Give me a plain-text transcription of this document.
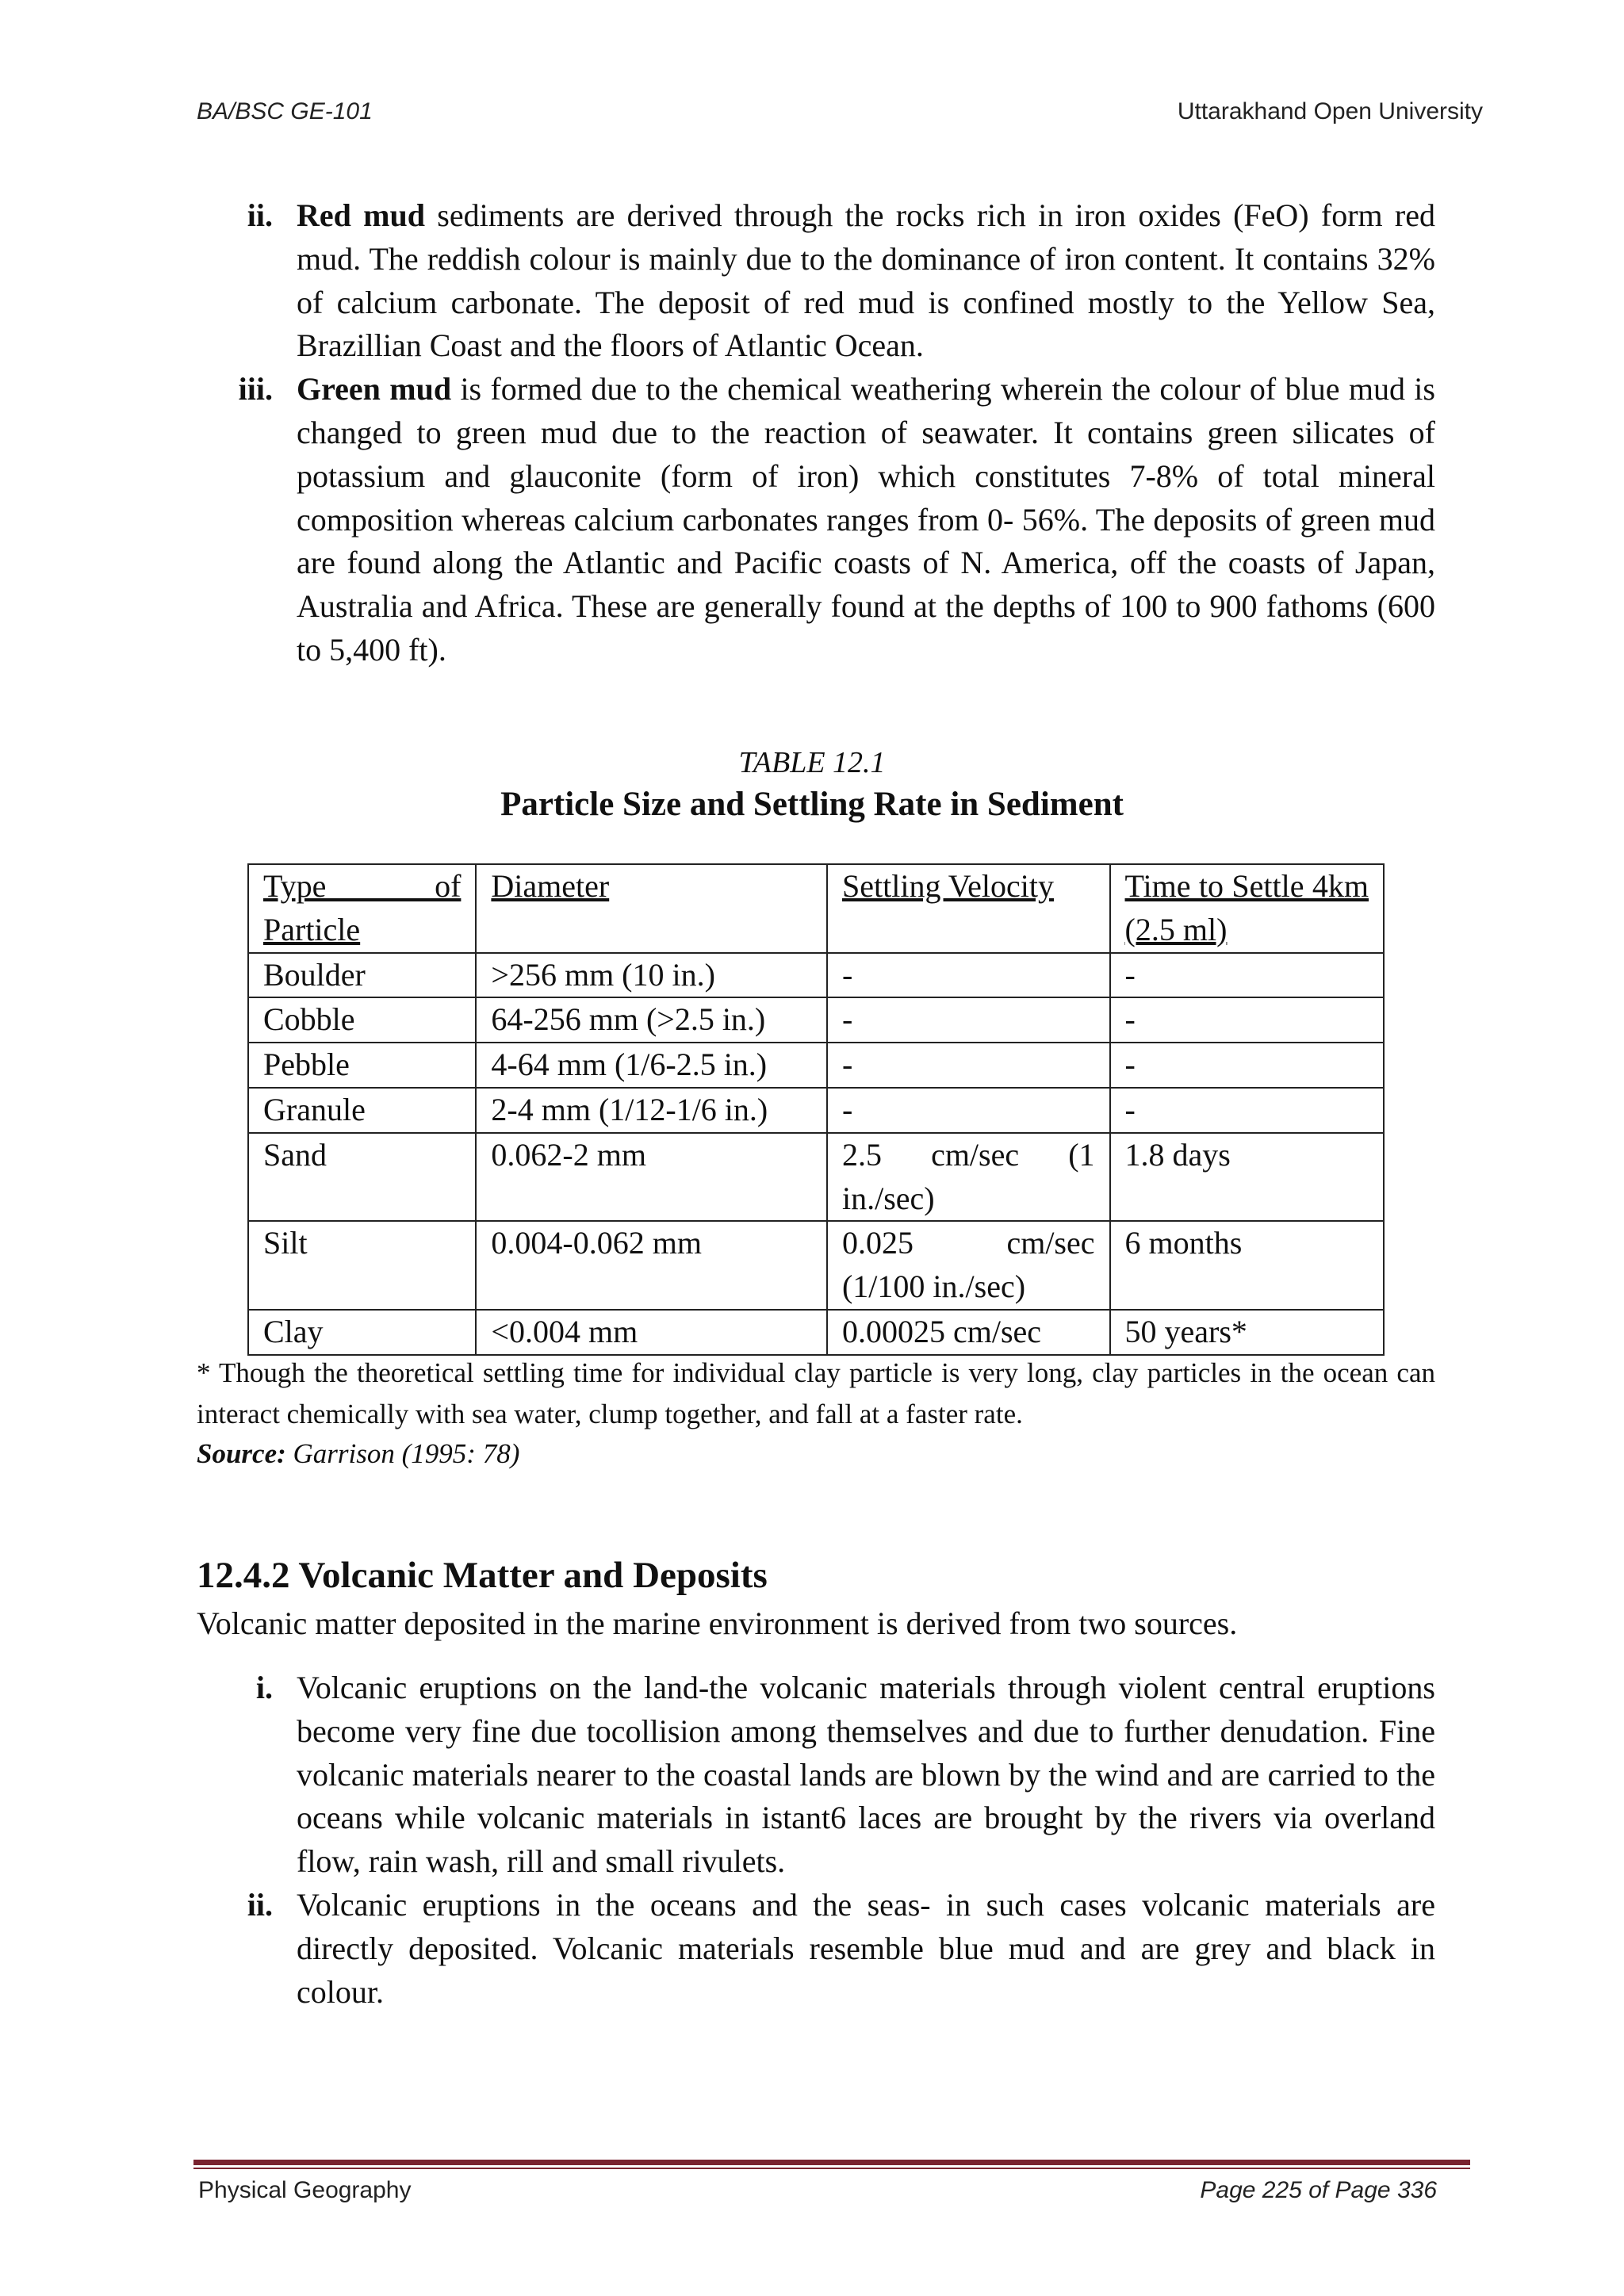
BA/BSC GE-101	Uttarakhand Open University
ii. Red mud sediments are derived through the rocks rich in iron oxides (FeO) form red mud. The reddish colour is mainly due to the dominance of iron content. It contains 32% of calcium carbonate. The deposit of red mud is confined mostly to the Yellow Sea, Brazillian Coast and the floors of Atlantic Ocean.
iii. Green mud is formed due to the chemical weathering wherein the colour of blue mud is changed to green mud due to the reaction of seawater. It contains green silicates of potassium and glauconite (form of iron) which constitutes 7-8% of total mineral composition whereas calcium carbonates ranges from 0- 56%. The deposits of green mud are found along the Atlantic and Pacific coasts of N. America, off the coasts of Japan, Australia and Africa. These are generally found at the depths of 100 to 900 fathoms (600 to 5,400 ft).
TABLE 12.1
Particle Size and Settling Rate in Sediment
Type of Particle	Diameter	Settling Velocity	Time to Settle 4km (2.5 ml)
Boulder	>256 mm (10 in.)	-	-
Cobble	64-256 mm (>2.5 in.)	-	-
Pebble	4-64 mm (1/6-2.5 in.)	-	-
Granule	2-4 mm (1/12-1/6 in.)	-	-
Sand	0.062-2 mm	2.5 cm/sec (1 in./sec)	1.8 days
Silt	0.004-0.062 mm	0.025 cm/sec (1/100 in./sec)	6 months
Clay	<0.004 mm	0.00025 cm/sec	50 years*
* Though the theoretical settling time for individual clay particle is very long, clay particles in the ocean can interact chemically with sea water, clump together, and fall at a faster rate.
Source: Garrison (1995: 78)
12.4.2 Volcanic Matter and Deposits
Volcanic matter deposited in the marine environment is derived from two sources.
i. Volcanic eruptions on the land-the volcanic materials through violent central eruptions become very fine due tocollision among themselves and due to further denudation. Fine volcanic materials nearer to the coastal lands are blown by the wind and are carried to the oceans while volcanic materials in istant6 laces are brought by the rivers via overland flow, rain wash, rill and small rivulets.
ii. Volcanic eruptions in the oceans and the seas- in such cases volcanic materials are directly deposited. Volcanic materials resemble blue mud and are grey and black in colour.
Physical Geography	Page 225 of Page 336
